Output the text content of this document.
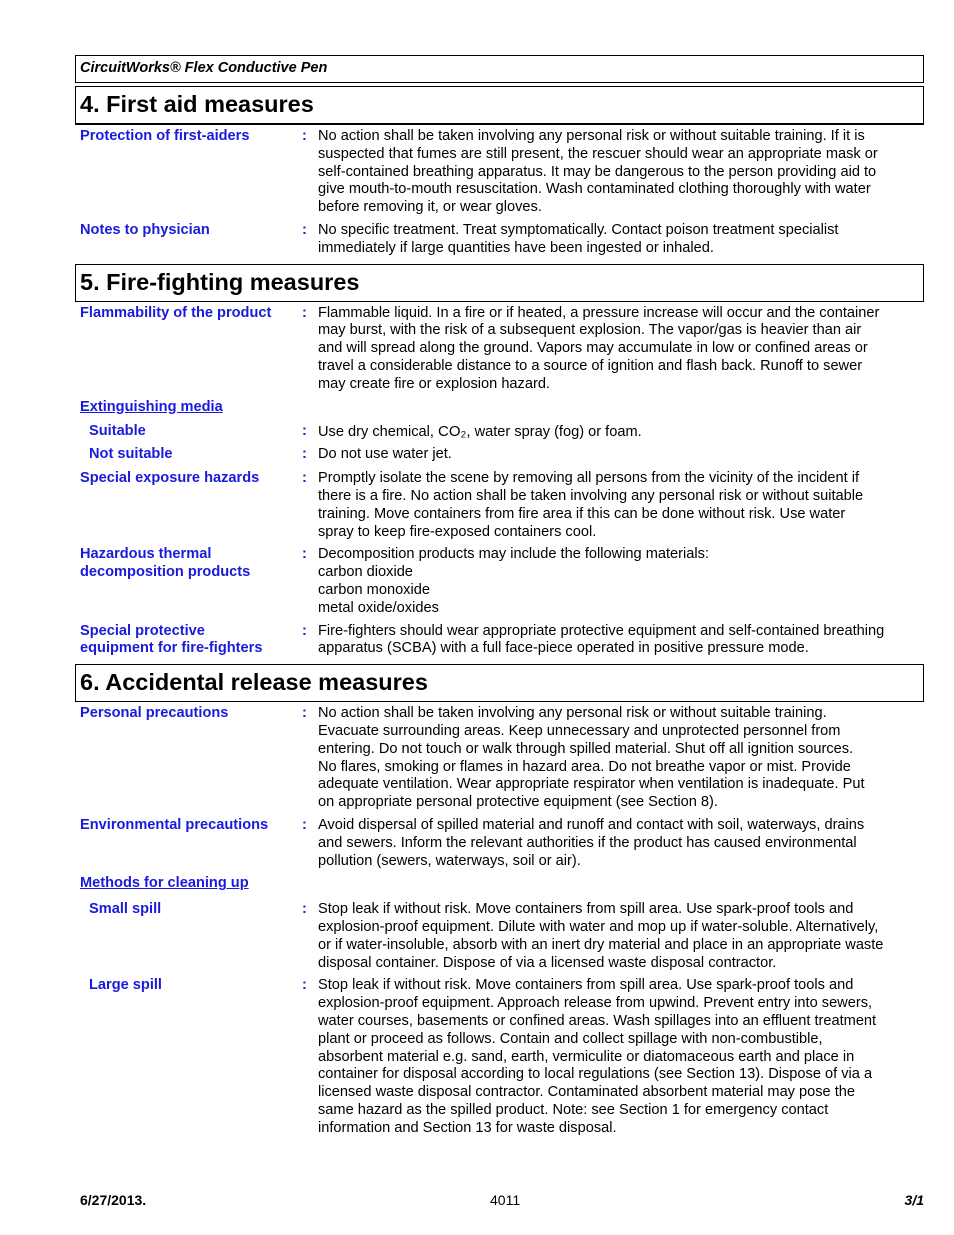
CircuitWorks® Flex Conductive Pen
4. First aid measures
Protection of first-aiders	: No action shall be taken involving any personal risk or without suitable training. If it is
suspected that fumes are still present, the rescuer should wear an appropriate mask or
self-contained breathing apparatus. It may be dangerous to the person providing aid to
give mouth-to-mouth resuscitation. Wash contaminated clothing thoroughly with water
before removing it, or wear gloves.
Notes to physician	: No specific treatment. Treat symptomatically. Contact poison treatment specialist
immediately if large quantities have been ingested or inhaled.
5. Fire-fighting measures
Flammability of the product	: Flammable liquid. In a fire or if heated, a pressure increase will occur and the container
may burst, with the risk of a subsequent explosion. The vapor/gas is heavier than air
and will spread along the ground. Vapors may accumulate in low or confined areas or
travel a considerable distance to a source of ignition and flash back. Runoff to sewer
may create fire or explosion hazard.
Extinguishing media
Suitable	: Use dry chemical, CO₂, water spray (fog) or foam.
Not suitable	: Do not use water jet.
Special exposure hazards	: Promptly isolate the scene by removing all persons from the vicinity of the incident if
there is a fire. No action shall be taken involving any personal risk or without suitable
training. Move containers from fire area if this can be done without risk. Use water
spray to keep fire-exposed containers cool.
Hazardous thermal
decomposition products
: Decomposition products may include the following materials:
carbon dioxide
carbon monoxide
metal oxide/oxides
Special protective
equipment for fire-fighters
: Fire-fighters should wear appropriate protective equipment and self-contained breathing
apparatus (SCBA) with a full face-piece operated in positive pressure mode.
6. Accidental release measures
Personal precautions	: No action shall be taken involving any personal risk or without suitable training.
Evacuate surrounding areas. Keep unnecessary and unprotected personnel from
entering. Do not touch or walk through spilled material. Shut off all ignition sources.
No flares, smoking or flames in hazard area. Do not breathe vapor or mist. Provide
adequate ventilation. Wear appropriate respirator when ventilation is inadequate. Put
on appropriate personal protective equipment (see Section 8).
Environmental precautions	: Avoid dispersal of spilled material and runoff and contact with soil, waterways, drains
and sewers. Inform the relevant authorities if the product has caused environmental
pollution (sewers, waterways, soil or air).
Methods for cleaning up
Small spill	: Stop leak if without risk. Move containers from spill area. Use spark-proof tools and
explosion-proof equipment. Dilute with water and mop up if water-soluble. Alternatively,
or if water-insoluble, absorb with an inert dry material and place in an appropriate waste
disposal container. Dispose of via a licensed waste disposal contractor.
Large spill	: Stop leak if without risk. Move containers from spill area. Use spark-proof tools and
explosion-proof equipment. Approach release from upwind. Prevent entry into sewers,
water courses, basements or confined areas. Wash spillages into an effluent treatment
plant or proceed as follows. Contain and collect spillage with non-combustible,
absorbent material e.g. sand, earth, vermiculite or diatomaceous earth and place in
container for disposal according to local regulations (see Section 13). Dispose of via a
licensed waste disposal contractor. Contaminated absorbent material may pose the
same hazard as the spilled product. Note: see Section 1 for emergency contact
information and Section 13 for waste disposal.
6/27/2013.	4011	3/1
